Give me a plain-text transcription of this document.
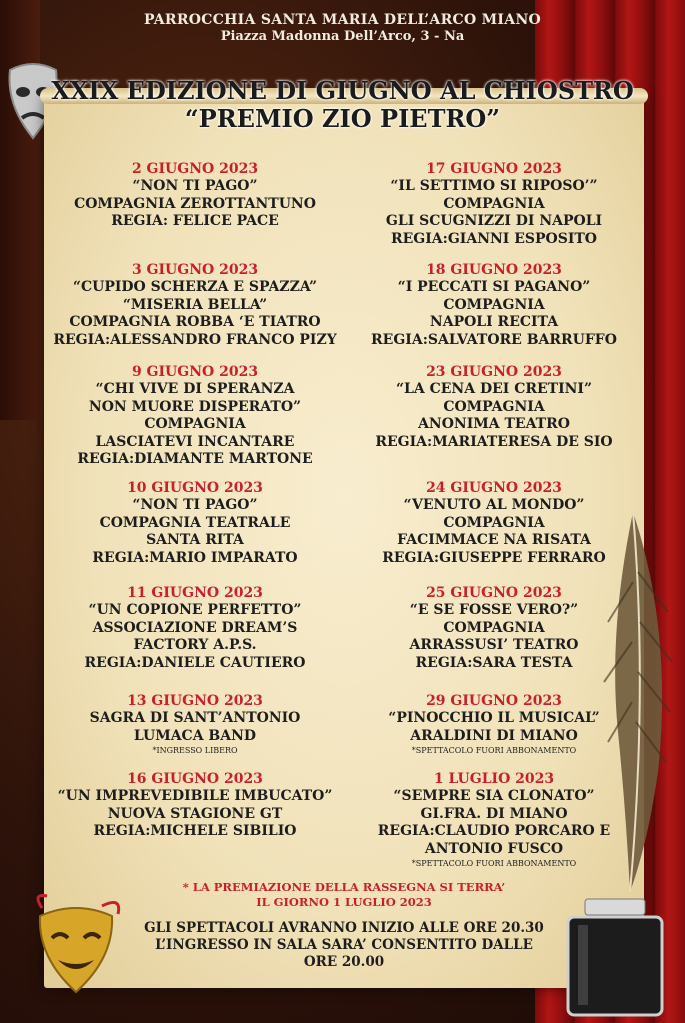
PARROCCHIA SANTA MARIA DELL’ARCO MIANO
Piazza Madonna Dell’Arco, 3 - Na
XXIX EDIZIONE DI GIUGNO AL CHIOSTRO
“PREMIO ZIO PIETRO”
2 GIUGNO 2023
“NON TI PAGO”
COMPAGNIA ZEROTTANTUNO
REGIA: FELICE PACE
3 GIUGNO 2023
“CUPIDO SCHERZA E SPAZZA”
“MISERIA BELLA”
COMPAGNIA ROBBA ‘E TIATRO
REGIA:ALESSANDRO FRANCO PIZY
9 GIUGNO 2023
“CHI VIVE DI SPERANZA
NON MUORE DISPERATO”
COMPAGNIA
LASCIATEVI INCANTARE
REGIA:DIAMANTE MARTONE
10 GIUGNO 2023
“NON TI PAGO”
COMPAGNIA TEATRALE
SANTA RITA
REGIA:MARIO IMPARATO
11 GIUGNO 2023
“UN COPIONE PERFETTO”
ASSOCIAZIONE DREAM’S
FACTORY A.P.S.
REGIA:DANIELE CAUTIERO
13 GIUGNO 2023
SAGRA DI SANT’ANTONIO
LUMACA BAND
*INGRESSO LIBERO
16 GIUGNO 2023
“UN IMPREVEDIBILE IMBUCATO”
NUOVA STAGIONE GT
REGIA:MICHELE SIBILIO
17 GIUGNO 2023
“IL SETTIMO SI RIPOSO’”
COMPAGNIA
GLI SCUGNIZZI DI NAPOLI
REGIA:GIANNI ESPOSITO
18 GIUGNO 2023
“I PECCATI SI PAGANO”
COMPAGNIA
NAPOLI RECITA
REGIA:SALVATORE BARRUFFO
23 GIUGNO 2023
“LA CENA DEI CRETINI”
COMPAGNIA
ANONIMA TEATRO
REGIA:MARIATERESA DE SIO
24 GIUGNO 2023
“VENUTO AL MONDO”
COMPAGNIA
FACIMMACE NA RISATA
REGIA:GIUSEPPE FERRARO
25 GIUGNO 2023
“E SE FOSSE VERO?”
COMPAGNIA
ARRASSUSI’ TEATRO
REGIA:SARA TESTA
29 GIUGNO 2023
“PINOCCHIO IL MUSICAL”
ARALDINI DI MIANO
*SPETTACOLO FUORI ABBONAMENTO
1 LUGLIO 2023
“SEMPRE SIA CLONATO”
GI.FRA. DI MIANO
REGIA:CLAUDIO PORCARO E
ANTONIO FUSCO
*SPETTACOLO FUORI ABBONAMENTO
* LA PREMIAZIONE DELLA RASSEGNA SI TERRA’
IL GIORNO 1 LUGLIO 2023
GLI SPETTACOLI AVRANNO INIZIO ALLE ORE 20.30
L’INGRESSO IN SALA SARA’ CONSENTITO DALLE
ORE 20.00
